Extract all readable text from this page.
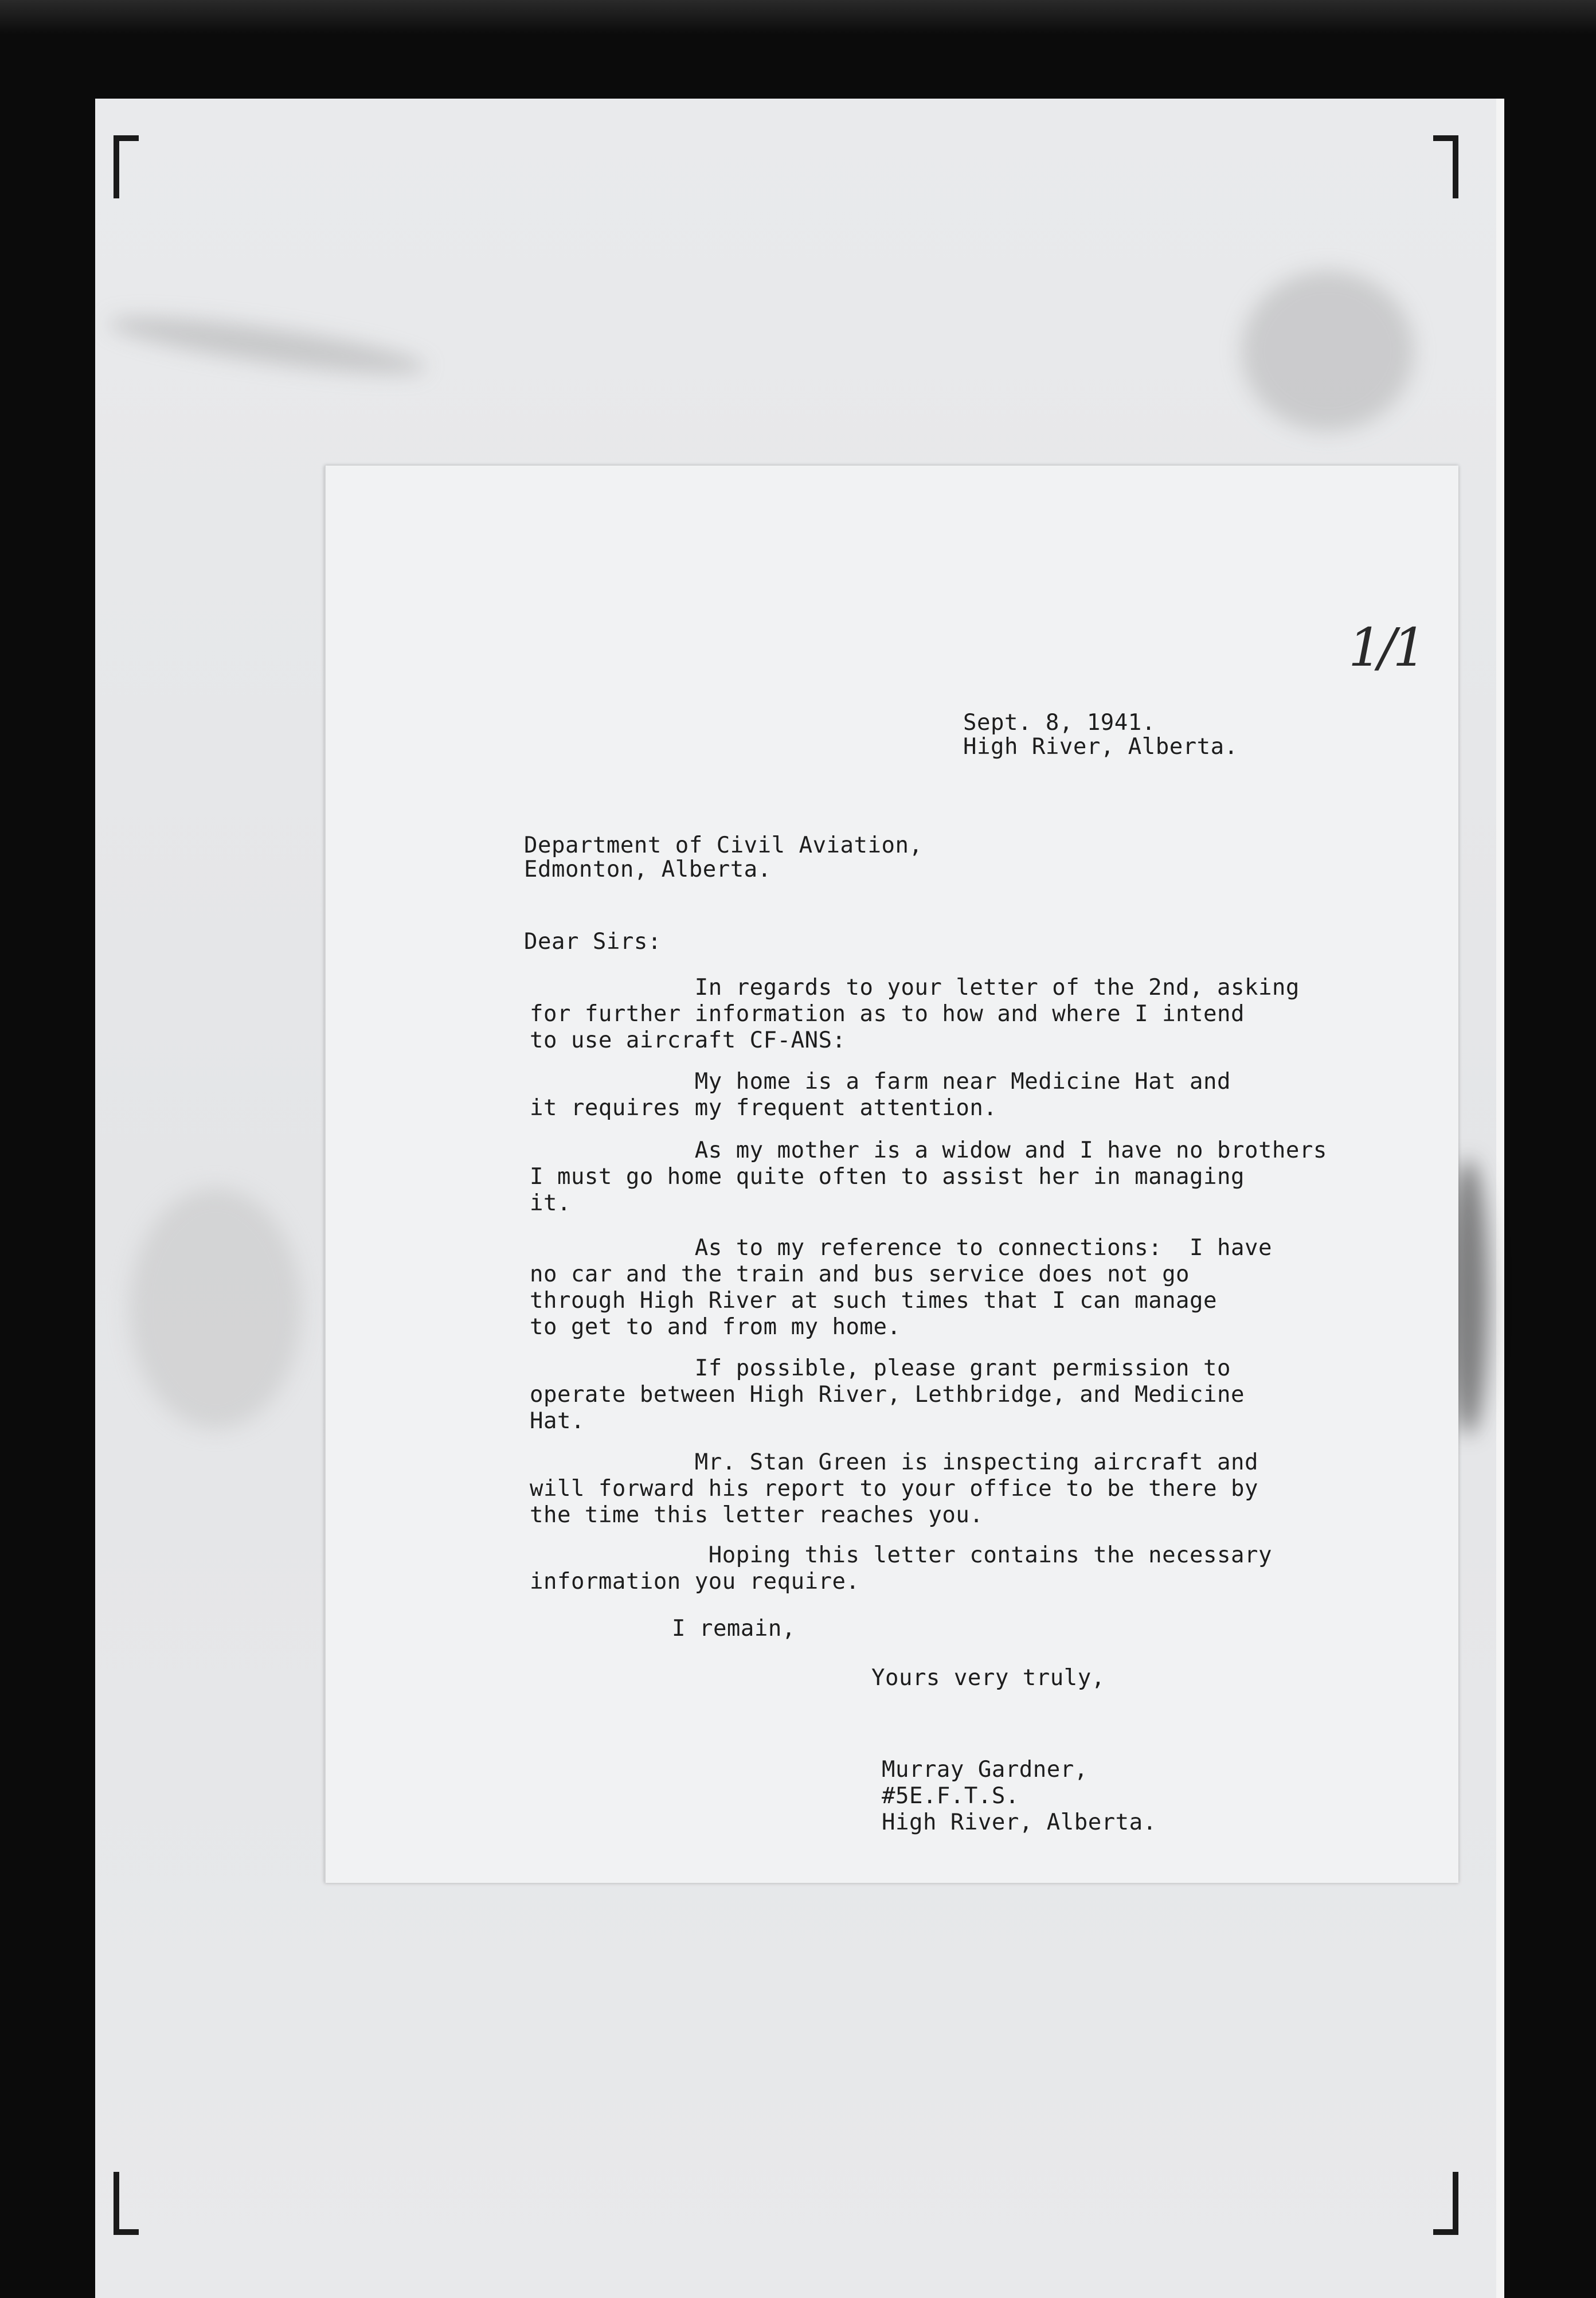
1/1

Sept. 8, 1941.

High River, Alberta.

Department of Civil Aviation,

Edmonton, Alberta.

Dear Sirs:

In regards to your letter of the 2nd, asking
for further information as to how and where I intend
to use aircraft CF-ANS:

My home is a farm near Medicine Hat and
it requires my frequent attention.

As my mother is a widow and I have no brothers
I must go home quite often to assist her in managing
it.

As to my reference to connections:  I have
no car and the train and bus service does not go
through High River at such times that I can manage
to get to and from my home.

If possible, please grant permission to
operate between High River, Lethbridge, and Medicine
Hat.

Mr. Stan Green is inspecting aircraft and
will forward his report to your office to be there by
the time this letter reaches you.

Hoping this letter contains the necessary
information you require.

I remain,

Yours very truly,

Murray Gardner,

#5E.F.T.S.

High River, Alberta.
